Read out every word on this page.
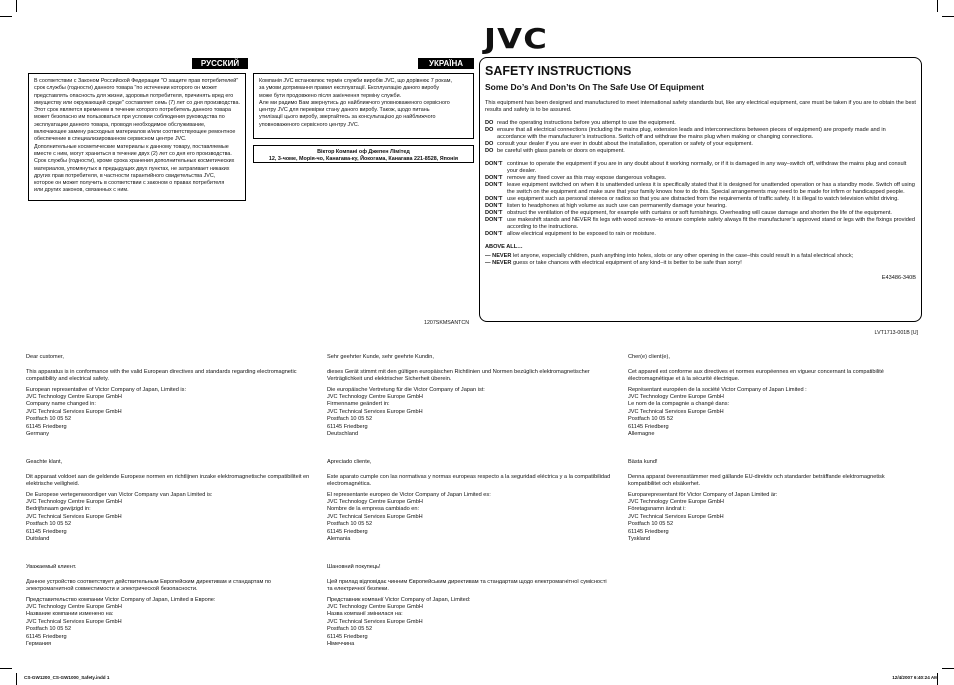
РУССКИЙ	УКРАЇНА

В соответствии с Законом Российской Федерации "О защите прав потребителей"

срок службы (годности) данного товара "по истечении которого он может

представлять опасность для жизни, здоровья потребителя, причинять вред его

имуществу или окружающей среде" составляет семь (7) лет со дня производства.

Этот срок является временем в течение которого потребитель данного товара

может безопасно им пользоваться при условии соблюдения руководства по

эксплуатации данного товара, проводя необходимое обслуживание,

включающее замену расходных материалов и/или соответствующее ремонтное

обеспечение в специализированном сервисном центре JVC.

Дополнительные косметические материалы к данному товару, поставляемые

вместе с ним, могут храниться в течение двух (2) лет со дня его производства.

Срок службы (годности), кроме срока хранения дополнительных косметических

материалов, упомянутых в предыдущих двух пунктах, не затрагивает никаких

других прав потребителя, в частности гарантийного свидетельства JVC,

которое он может получить в соответствии с законом о правах потребителя

или других законов, связанных с ним.

Компанія JVC встановлює термін служби виробів JVC, що дорівнює 7 рокам,

за умови дотримання правил експлуатації. Експлуатацію даного виробу

може бути продовжено після закінчення терміну служби.

Але ми радимо Вам звернутись до найближчого уповноваженого сервісного

центру JVC для перевірки стану даного виробу. Також, щодо питань

утилізації цього виробу, звертайтесь за консультацією до найближчого

уповноваженого сервісного центру JVC.

Віктор Компані оф Джепен Лімітед

12, 3-чоме, Морія-чо, Канагава-ку, Йокогама, Канагава 221-8528, Японія

1207SKMSANTCN
JVC
SAFETY INSTRUCTIONS
Some Do’s And Don’ts On The Safe Use Of Equipment

This equipment has been designed and manufactured to meet international safety standards but, like any electrical equipment, care must be taken if you are to obtain the best results and safety is to be assured.

DO read the operating instructions before you attempt to use the equipment.
DO ensure that all electrical connections (including the mains plug, extension leads and interconnections between pieces of equipment) are properly made and in accordance with the manufacturer’s instructions. Switch off and withdraw the mains plug when making or changing connections.
DO consult your dealer if you are ever in doubt about the installation, operation or safety of your equipment.
DO be careful with glass panels or doors on equipment.
DON’T continue to operate the equipment if you are in any doubt about it working normally, or if it is damaged in any way–switch off, withdraw the mains plug and consult your dealer.
DON’T remove any fixed cover as this may expose dangerous voltages.
DON’T leave equipment switched on when it is unattended unless it is specifically stated that it is designed for unattended operation or has a standby mode. Switch off using the switch on the equipment and make sure that your family knows how to do this. Special arrangements may need to be made for infirm or handicapped people.
DON’T use equipment such as personal stereos or radios so that you are distracted from the requirements of traffic safety. It is illegal to watch television whilst driving.
DON’T listen to headphones at high volume as such use can permanently damage your hearing.
DON’T obstruct the ventilation of the equipment, for example with curtains or soft furnishings. Overheating will cause damage and shorten the life of the equipment.
DON’T use makeshift stands and NEVER fix legs with wood screws–to ensure complete safety always fit the manufacturer’s approved stand or legs with the fixings provided according to the instructions.
DON’T allow electrical equipment to be exposed to rain or moisture.

ABOVE ALL…

— NEVER let anyone, especially children, push anything into holes, slots or any other opening in the case–this could result in a fatal electrical shock;
— NEVER guess or take chances with electrical equipment of any kind–it is better to be safe than sorry!

E43486-340B

LVT1713-001B [U]

Dear customer,

This apparatus is in conformance with the valid European directives and standards regarding electromagnetic compatibility and electrical safety.

European representative of Victor Company of Japan, Limited is:

JVC Technology Centre Europe GmbH

Company name changed in:

JVC Technical Services Europe GmbH

Postfach 10 05 52

61145 Friedberg

Germany

Sehr geehrter Kunde, sehr geehrte Kundin,

dieses Gerät stimmt mit den gültigen europäischen Richtlinien und Normen bezüglich elektromagnetischer Verträglichkeit und elektrischer Sicherheit überein.

Die europäische Vertretung für die Victor Company of Japan ist:

JVC Technology Centre Europe GmbH

Firmenname geändert in:

JVC Technical Services Europe GmbH

Postfach 10 05 52

61145 Friedberg

Deutschland

Cher(e) client(e),

Cet appareil est conforme aux directives et normes européennes en vigueur concernant la compatibilité électromagnétique et à la sécurité électrique.

Représentant européen de la société Victor Company of Japan Limited :

JVC Technology Centre Europe GmbH

Le nom de la compagnie a changé dans:

JVC Technical Services Europe GmbH

Postfach 10 05 52

61145 Friedberg

Allemagne

Geachte klant,

Dit apparaat voldoet aan de geldende Europese normen en richtlijnen inzake elektromagnetische compatibiliteit en elektrische veiligheid.

De Europese vertegenwoordiger van Victor Company van Japan Limited is:

JVC Technology Centre Europe GmbH

Bedrijfsnaam gewijzigd in:

JVC Technical Services Europe GmbH

Postfach 10 05 52

61145 Friedberg

Duitsland

Apreciado cliente,

Este aparato cumple con las normativas y normas europeas respecto a la seguridad eléctrica y a la compatibilidad electromagnética.

El representante europeo de Victor Company of Japan Limited es:

JVC Technology Centre Europe GmbH

Nombre de la empresa cambiado en:

JVC Technical Services Europe GmbH

Postfach 10 05 52

61145 Friedberg

Alemania

Bästa kund!

Denna apparat överensstämmer med gällande EU-direktiv och standarder beträffande elektromagnetisk kompatibilitet och elsäkerhet.

Europarepresentant för Victor Company of Japan Limited är:

JVC Technology Centre Europe GmbH

Företagsnamn ändrat i:

JVC Technical Services Europe GmbH

Postfach 10 05 52

61145 Friedberg

Tyskland

Уважаемый клиент.

Данное устройство соответствует действительным Европейским директивам и стандартам по электромагнитной совместимости и электрической безопасности.

Представительство компании Victor Company of Japan, Limited в Европе:

JVC Technology Centre Europe GmbH

Название компании изменено на:

JVC Technical Services Europe GmbH

Postfach 10 05 52

61145 Friedberg

Германия

Шановний покупець!

Цей прилад відповідає чинним Європейським директивам та стандартам щодо електромагнітної сумісності та електричної безпеки.

Представник компанії Victor Company of Japan, Limited:

JVC Technology Centre Europe GmbH

Назва компанії змінилася на:

JVC Technical Services Europe GmbH

Postfach 10 05 52

61145 Friedberg

Німеччина

CS-GW1200_CS-GW1000_Safety.indd 1	12/4/2007 6:40:24 AM
